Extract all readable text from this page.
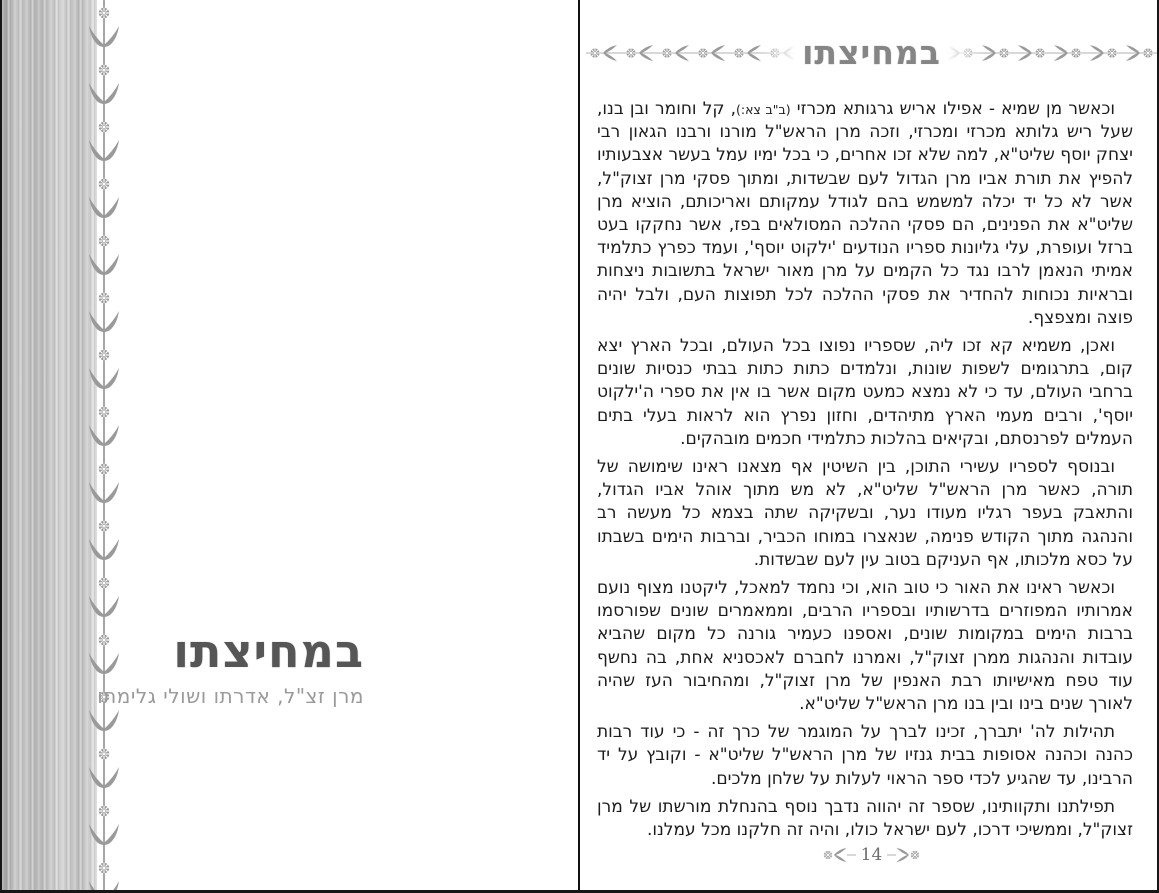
במחיצתו
מרן זצ"ל, אדרתו ושולי גלימתו
במחיצתו

וכאשר מן שמיא - אפילו אריש גרגותא מכרזי (ב"ב צא:), קל וחומר ובן בנו, שעל ריש גלותא מכרזי ומכרזי, וזכה מרן הראש"ל מורנו ורבנו הגאון רבי יצחק יוסף שליט"א, למה שלא זכו אחרים, כי בכל ימיו עמל בעשר אצבעותיו להפיץ את תורת אביו מרן הגדול לעם שבשדות, ומתוך פסקי מרן זצוק"ל, אשר לא כל יד יכלה למשמש בהם לגודל עמקותם ואריכותם, הוציא מרן שליט"א את הפנינים, הם פסקי ההלכה המסולאים בפז, אשר נחקקו בעט ברזל ועופרת, עלי גליונות ספריו הנודעים 'ילקוט יוסף', ועמד כפרץ כתלמיד אמיתי הנאמן לרבו נגד כל הקמים על מרן מאור ישראל בתשובות ניצחות ובראיות נכוחות להחדיר את פסקי ההלכה לכל תפוצות העם, ולבל יהיה פוצה ומצפצף.

ואכן, משמיא קא זכו ליה, שספריו נפוצו בכל העולם, ובכל הארץ יצא קום, בתרגומים לשפות שונות, ונלמדים כתות כתות בבתי כנסיות שונים ברחבי העולם, עד כי לא נמצא כמעט מקום אשר בו אין את ספרי ה'ילקוט יוסף', ורבים מעמי הארץ מתיהדים, וחזון נפרץ הוא לראות בעלי בתים העמלים לפרנסתם, ובקיאים בהלכות כתלמידי חכמים מובהקים.

ובנוסף לספריו עשירי התוכן, בין השיטין אף מצאנו ראינו שימושה של תורה, כאשר מרן הראש"ל שליט"א, לא מש מתוך אוהל אביו הגדול, והתאבק בעפר רגליו מעודו נער, ובשקיקה שתה בצמא כל מעשה רב והנהגה מתוך הקודש פנימה, שנאצרו במוחו הכביר, וברבות הימים בשבתו על כסא מלכותו, אף העניקם בטוב עין לעם שבשדות.

וכאשר ראינו את האור כי טוב הוא, וכי נחמד למאכל, ליקטנו מצוף נועם אמרותיו המפוזרים בדרשותיו ובספריו הרבים, וממאמרים שונים שפורסמו ברבות הימים במקומות שונים, ואספנו כעמיר גורנה כל מקום שהביא עובדות והנהגות ממרן זצוק"ל, ואמרנו לחברם לאכסניא אחת, בה נחשף עוד טפח מאישיותו רבת האנפין של מרן זצוק"ל, ומהחיבור העז שהיה לאורך שנים בינו ובין בנו מרן הראש"ל שליט"א.

תהילות לה' יתברך, זכינו לברך על המוגמר של כרך זה - כי עוד רבות כהנה וכהנה אסופות בבית גנזיו של מרן הראש"ל שליט"א - וקובץ על יד הרבינו, עד שהגיע לכדי ספר הראוי לעלות על שלחן מלכים.

תפילתנו ותקוותינו, שספר זה יהווה נדבך נוסף בהנחלת מורשתו של מרן זצוק"ל, וממשיכי דרכו, לעם ישראל כולו, והיה זה חלקנו מכל עמלנו.

14
